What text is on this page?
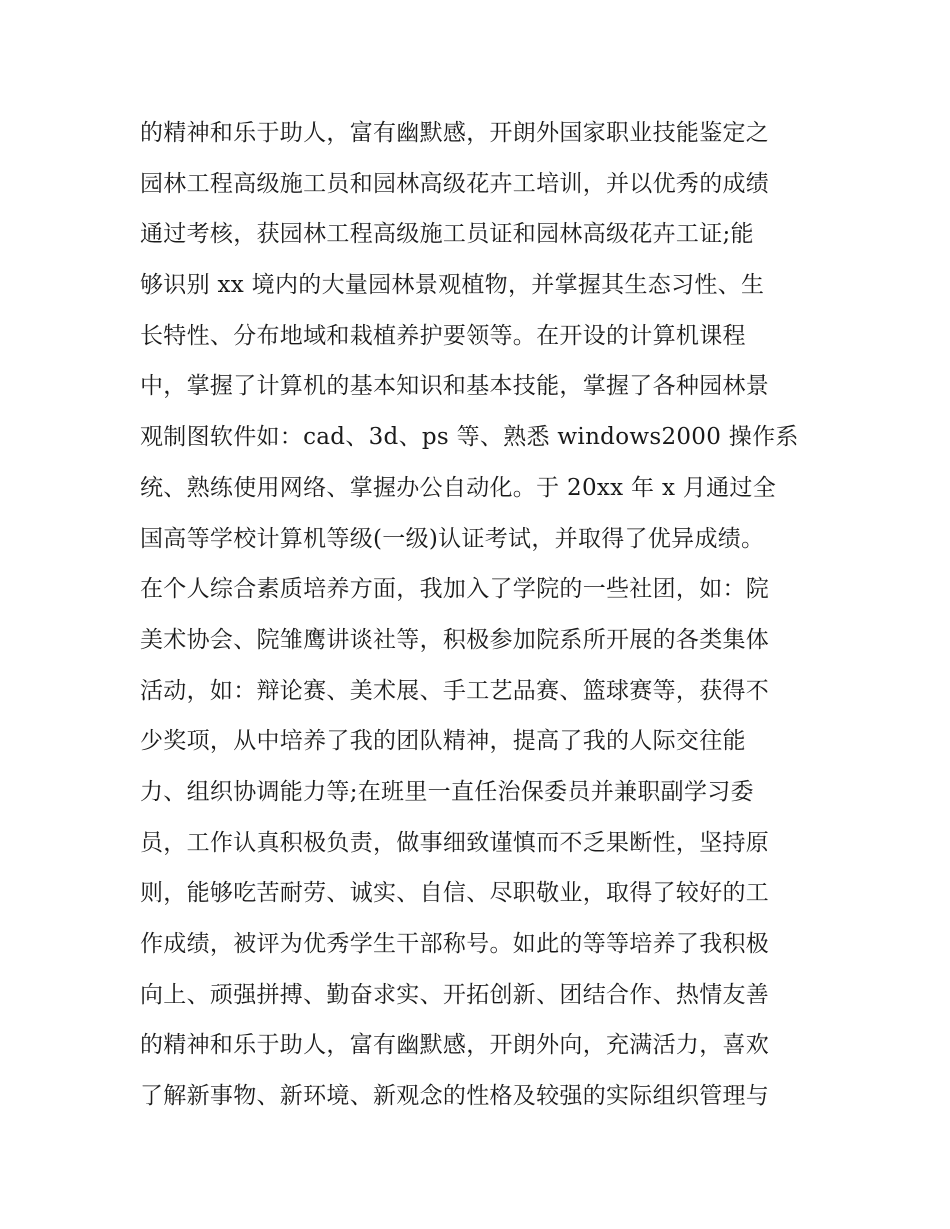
的精神和乐于助人，富有幽默感，开朗外国家职业技能鉴定之
园林工程高级施工员和园林高级花卉工培训，并以优秀的成绩
通过考核，获园林工程高级施工员证和园林高级花卉工证;能
够识别 xx 境内的大量园林景观植物，并掌握其生态习性、生
长特性、分布地域和栽植养护要领等。在开设的计算机课程
中，掌握了计算机的基本知识和基本技能，掌握了各种园林景
观制图软件如：cad、3d、ps 等、熟悉 windows2000 操作系
统、熟练使用网络、掌握办公自动化。于 20xx 年 x 月通过全
国高等学校计算机等级(一级)认证考试，并取得了优异成绩。
在个人综合素质培养方面，我加入了学院的一些社团，如：院
美术协会、院雏鹰讲谈社等，积极参加院系所开展的各类集体
活动，如：辩论赛、美术展、手工艺品赛、篮球赛等，获得不
少奖项，从中培养了我的团队精神，提高了我的人际交往能
力、组织协调能力等;在班里一直任治保委员并兼职副学习委
员，工作认真积极负责，做事细致谨慎而不乏果断性，坚持原
则，能够吃苦耐劳、诚实、自信、尽职敬业，取得了较好的工
作成绩，被评为优秀学生干部称号。如此的等等培养了我积极
向上、顽强拼搏、勤奋求实、开拓创新、团结合作、热情友善
的精神和乐于助人，富有幽默感，开朗外向，充满活力，喜欢
了解新事物、新环境、新观念的性格及较强的实际组织管理与
